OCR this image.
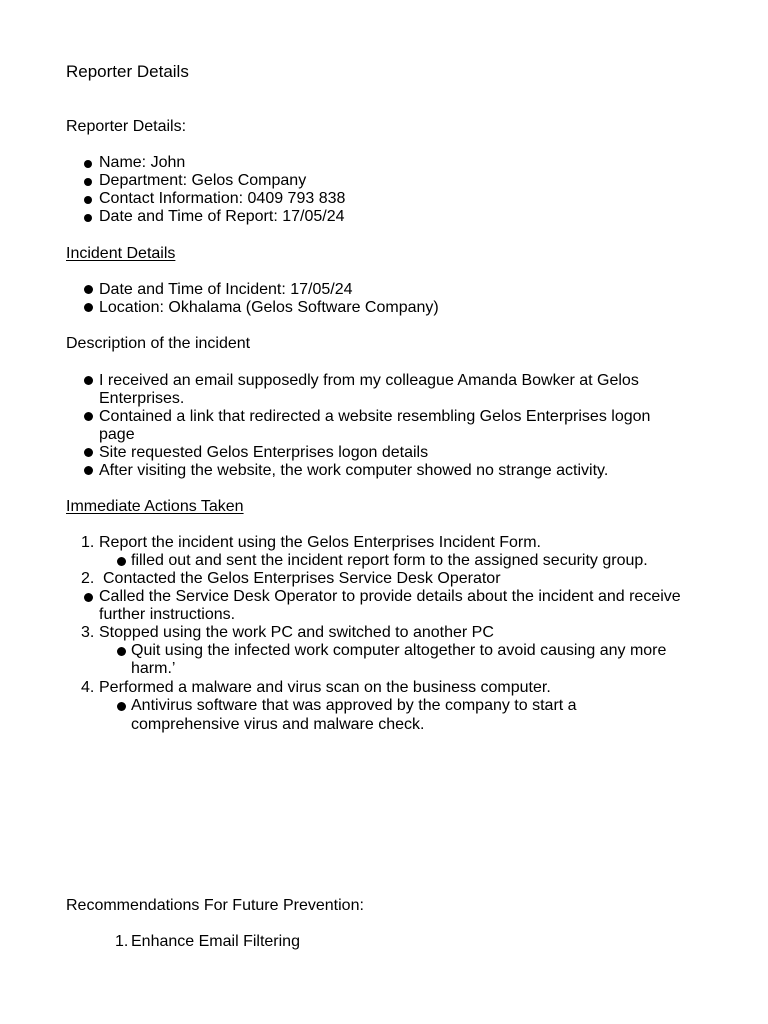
Reporter Details
Reporter Details:
Name: John
Department: Gelos Company
Contact Information: 0409 793 838
Date and Time of Report: 17/05/24
Incident Details
Date and Time of Incident: 17/05/24
Location: Okhalama (Gelos Software Company)
Description of the incident
I received an email supposedly from my colleague Amanda Bowker at Gelos
Enterprises.
Contained a link that redirected a website resembling Gelos Enterprises logon
page
Site requested Gelos Enterprises logon details
After visiting the website, the work computer showed no strange activity.
Immediate Actions Taken
1. Report the incident using the Gelos Enterprises Incident Form.
filled out and sent the incident report form to the assigned security group.
2. Contacted the Gelos Enterprises Service Desk Operator
Called the Service Desk Operator to provide details about the incident and receive
further instructions.
3. Stopped using the work PC and switched to another PC
Quit using the infected work computer altogether to avoid causing any more
harm.’
4. Performed a malware and virus scan on the business computer.
Antivirus software that was approved by the company to start a
comprehensive virus and malware check.
Recommendations For Future Prevention:
1. Enhance Email Filtering
